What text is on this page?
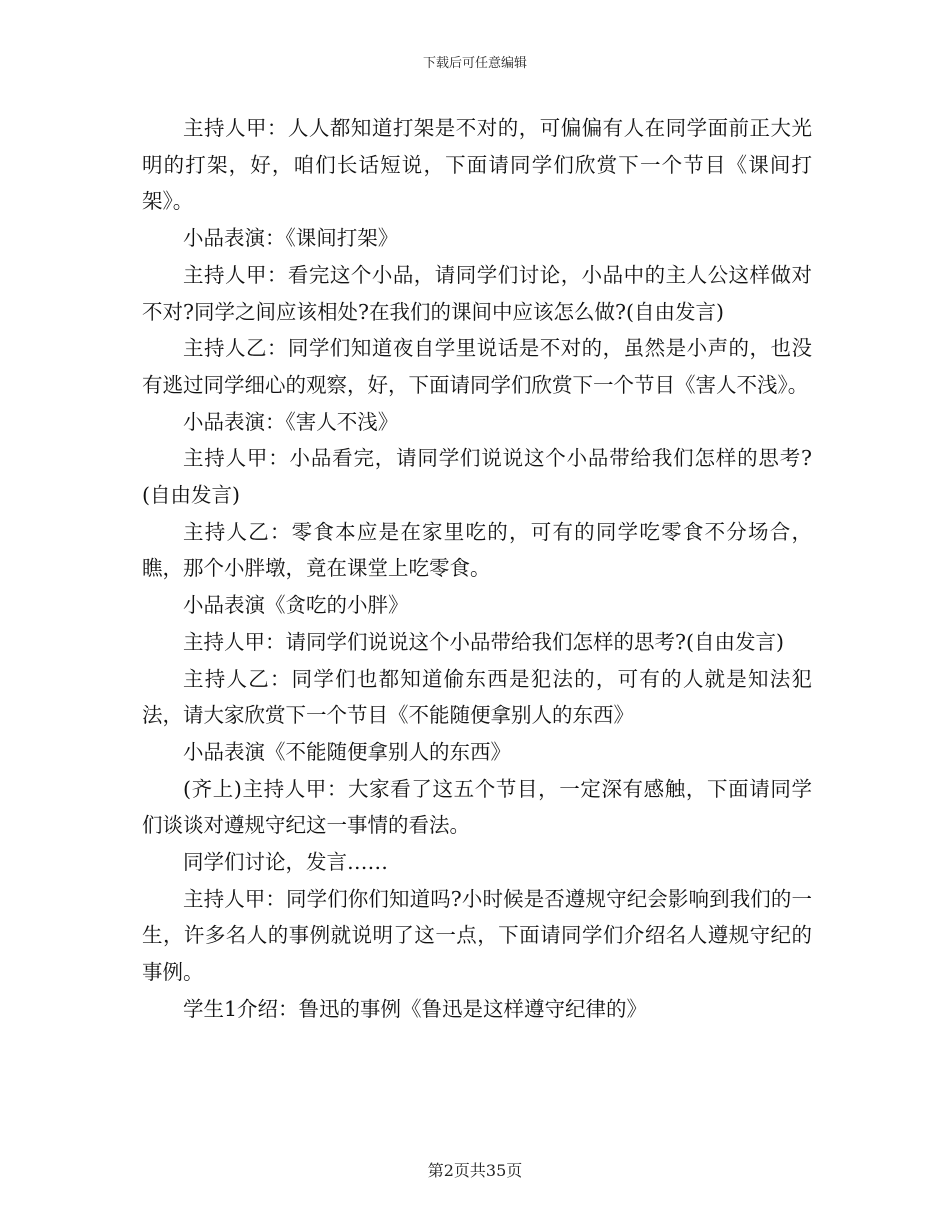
下载后可任意编辑

主持人甲：人人都知道打架是不对的，可偏偏有人在同学面前正大光明的打架，好，咱们长话短说，下面请同学们欣赏下一个节目《课间打架》。

小品表演：《课间打架》

主持人甲：看完这个小品，请同学们讨论，小品中的主人公这样做对不对?同学之间应该相处?在我们的课间中应该怎么做?(自由发言)

主持人乙：同学们知道夜自学里说话是不对的，虽然是小声的，也没有逃过同学细心的观察，好，下面请同学们欣赏下一个节目《害人不浅》。

小品表演：《害人不浅》

主持人甲：小品看完，请同学们说说这个小品带给我们怎样的思考?(自由发言)

主持人乙：零食本应是在家里吃的，可有的同学吃零食不分场合，瞧，那个小胖墩，竟在课堂上吃零食。

小品表演《贪吃的小胖》

主持人甲：请同学们说说这个小品带给我们怎样的思考?(自由发言)

主持人乙：同学们也都知道偷东西是犯法的，可有的人就是知法犯法，请大家欣赏下一个节目《不能随便拿别人的东西》

小品表演《不能随便拿别人的东西》

(齐上)主持人甲：大家看了这五个节目，一定深有感触，下面请同学们谈谈对遵规守纪这一事情的看法。

同学们讨论，发言……

主持人甲：同学们你们知道吗?小时候是否遵规守纪会影响到我们的一生，许多名人的事例就说明了这一点，下面请同学们介绍名人遵规守纪的事例。

学生1介绍：鲁迅的事例《鲁迅是这样遵守纪律的》

第2页共35页
